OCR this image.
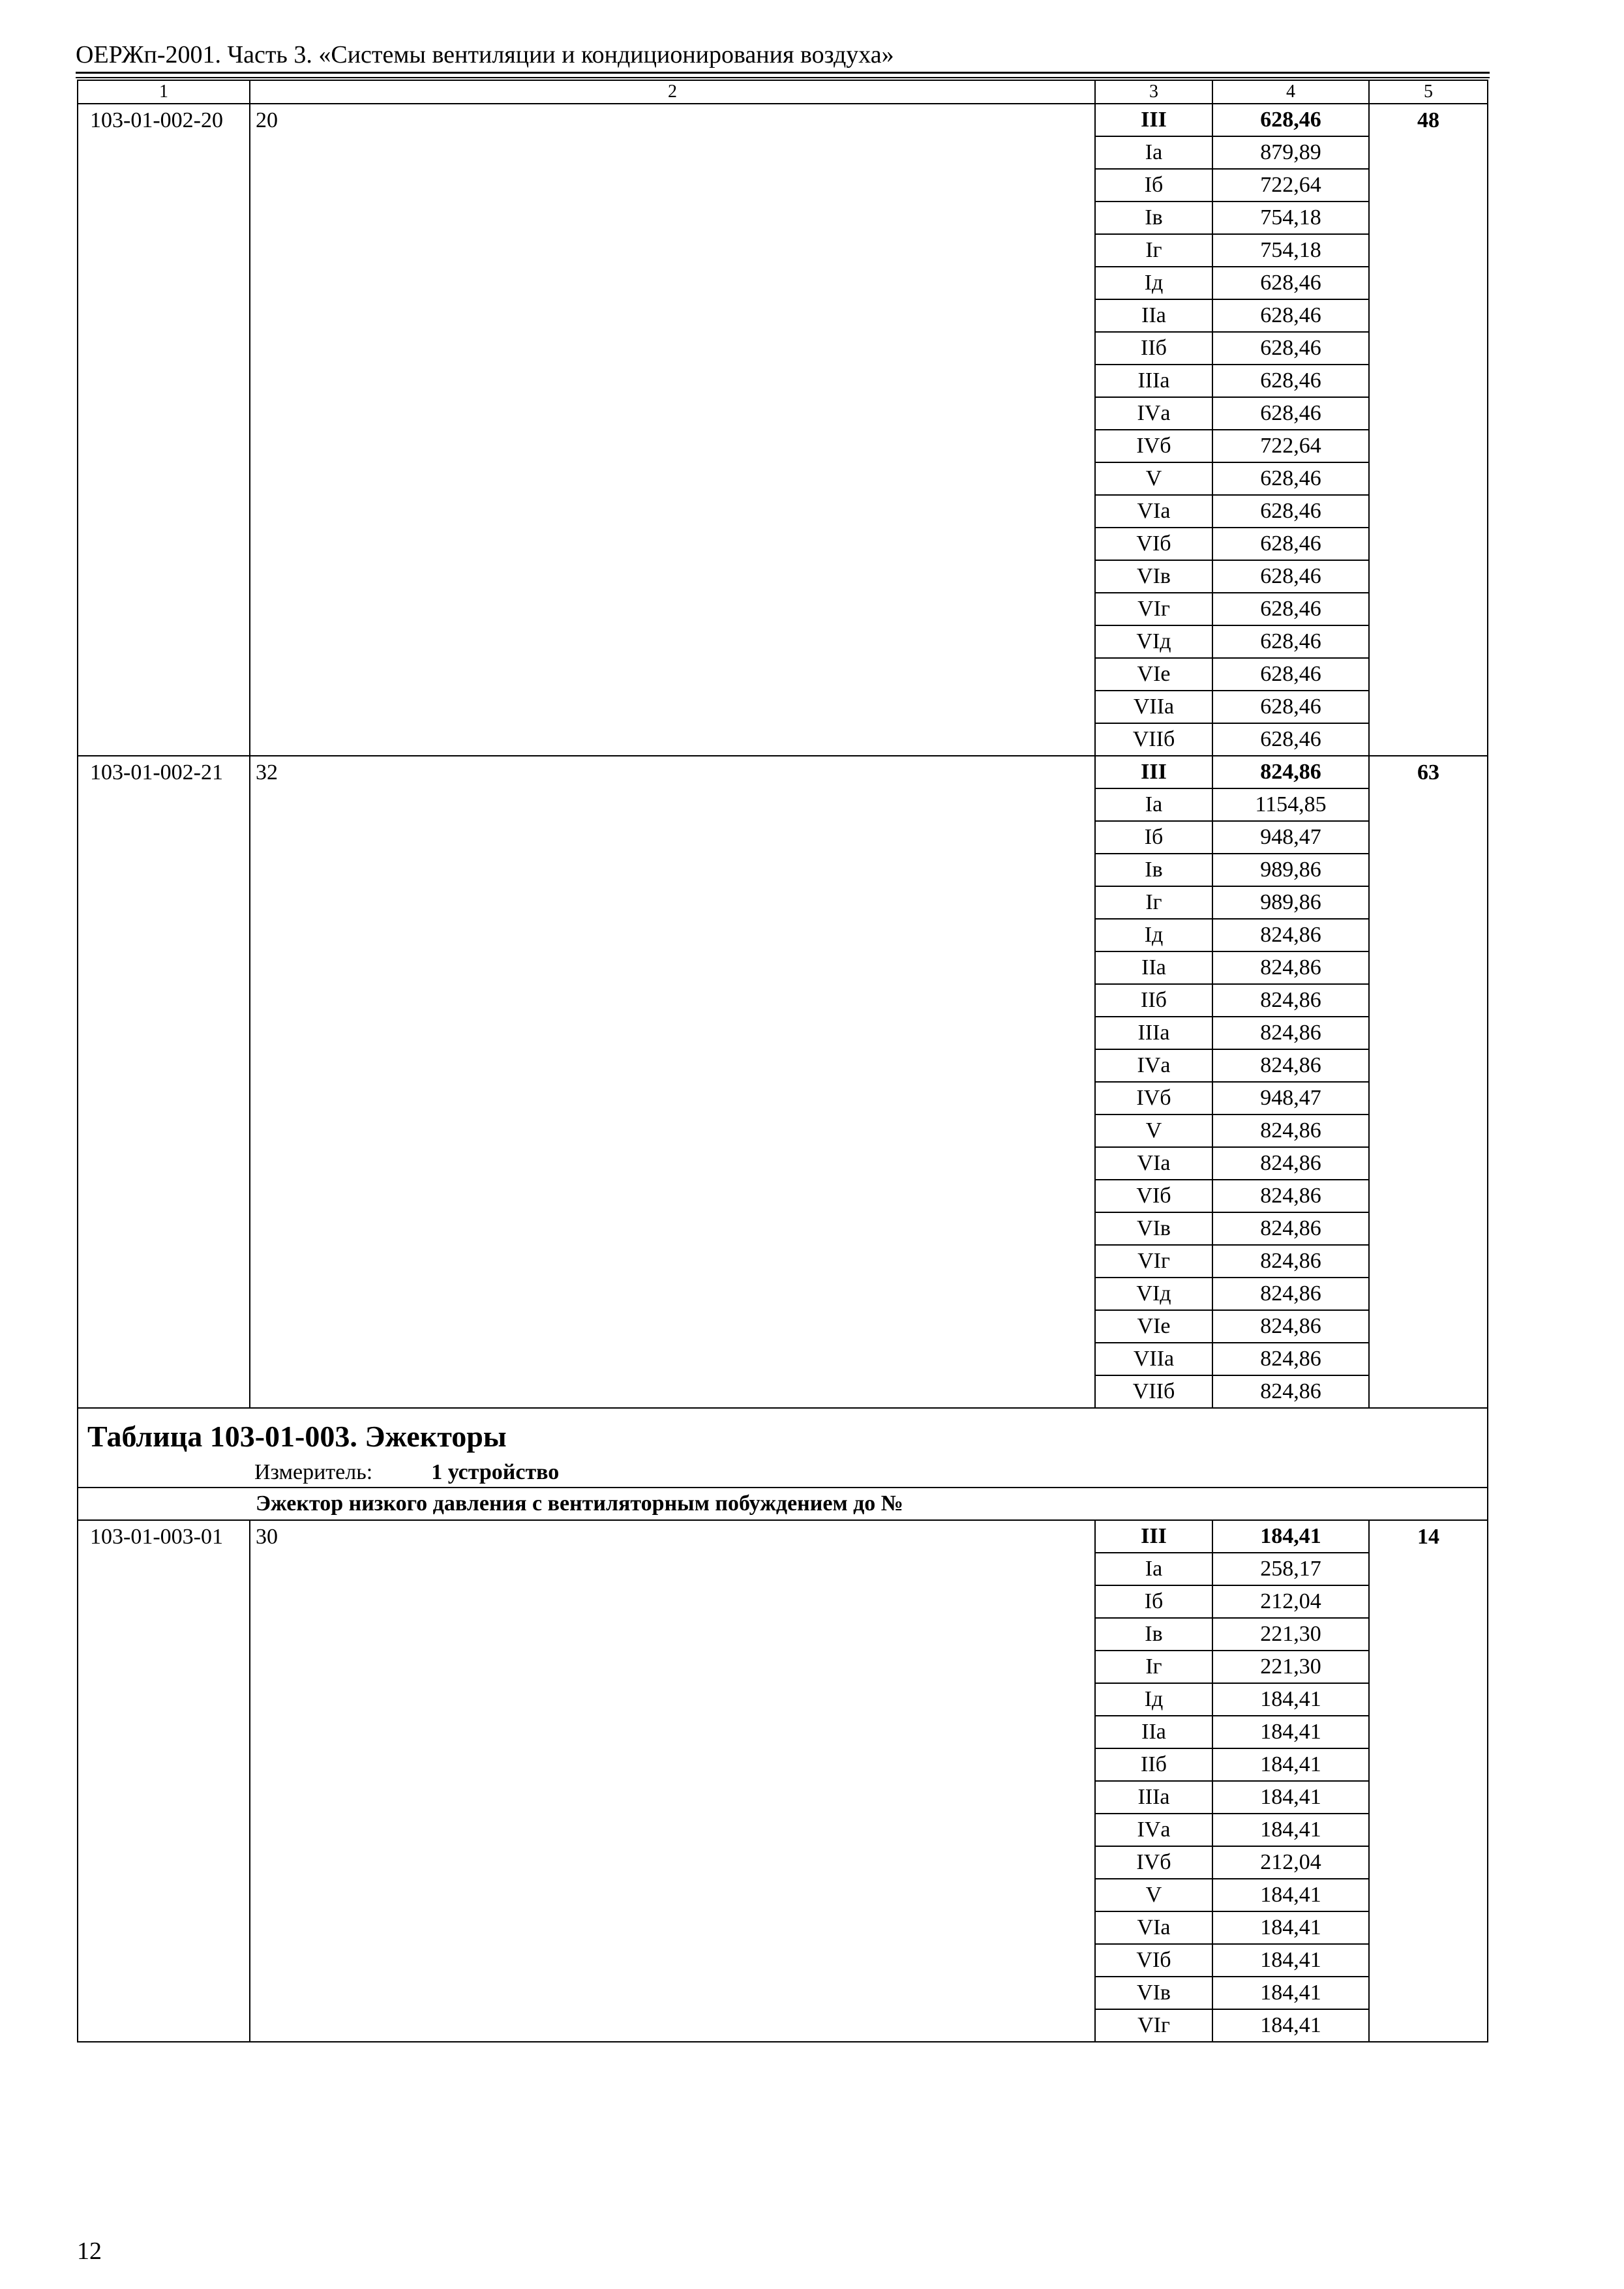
ОЕРЖп-2001. Часть 3. «Системы вентиляции и кондиционирования воздуха»
1	2	3	4	5
103-01-002-20	20	III	628,46	48
		Iа	879,89	
		Iб	722,64	
		Iв	754,18	
		Iг	754,18	
		Iд	628,46	
		IIа	628,46	
		IIб	628,46	
		IIIа	628,46	
		IVа	628,46	
		IVб	722,64	
		V	628,46	
		VIа	628,46	
		VIб	628,46	
		VIв	628,46	
		VIг	628,46	
		VIд	628,46	
		VIе	628,46	
		VIIа	628,46	
		VIIб	628,46	
103-01-002-21	32	III	824,86	63
		Iа	1154,85	
		Iб	948,47	
		Iв	989,86	
		Iг	989,86	
		Iд	824,86	
		IIа	824,86	
		IIб	824,86	
		IIIа	824,86	
		IVа	824,86	
		IVб	948,47	
		V	824,86	
		VIа	824,86	
		VIб	824,86	
		VIв	824,86	
		VIг	824,86	
		VIд	824,86	
		VIе	824,86	
		VIIа	824,86	
		VIIб	824,86	

Таблица 103-01-003. Эжекторы
Измеритель: 1 устройство				

Эжектор низкого давления с вентиляторным побуждением до №				
103-01-003-01	30	III	184,41	14
		Iа	258,17	
		Iб	212,04	
		Iв	221,30	
		Iг	221,30	
		Iд	184,41	
		IIа	184,41	
		IIб	184,41	
		IIIа	184,41	
		IVа	184,41	
		IVб	212,04	
		V	184,41	
		VIа	184,41	
		VIб	184,41	
		VIв	184,41	
		VIг	184,41	
12
